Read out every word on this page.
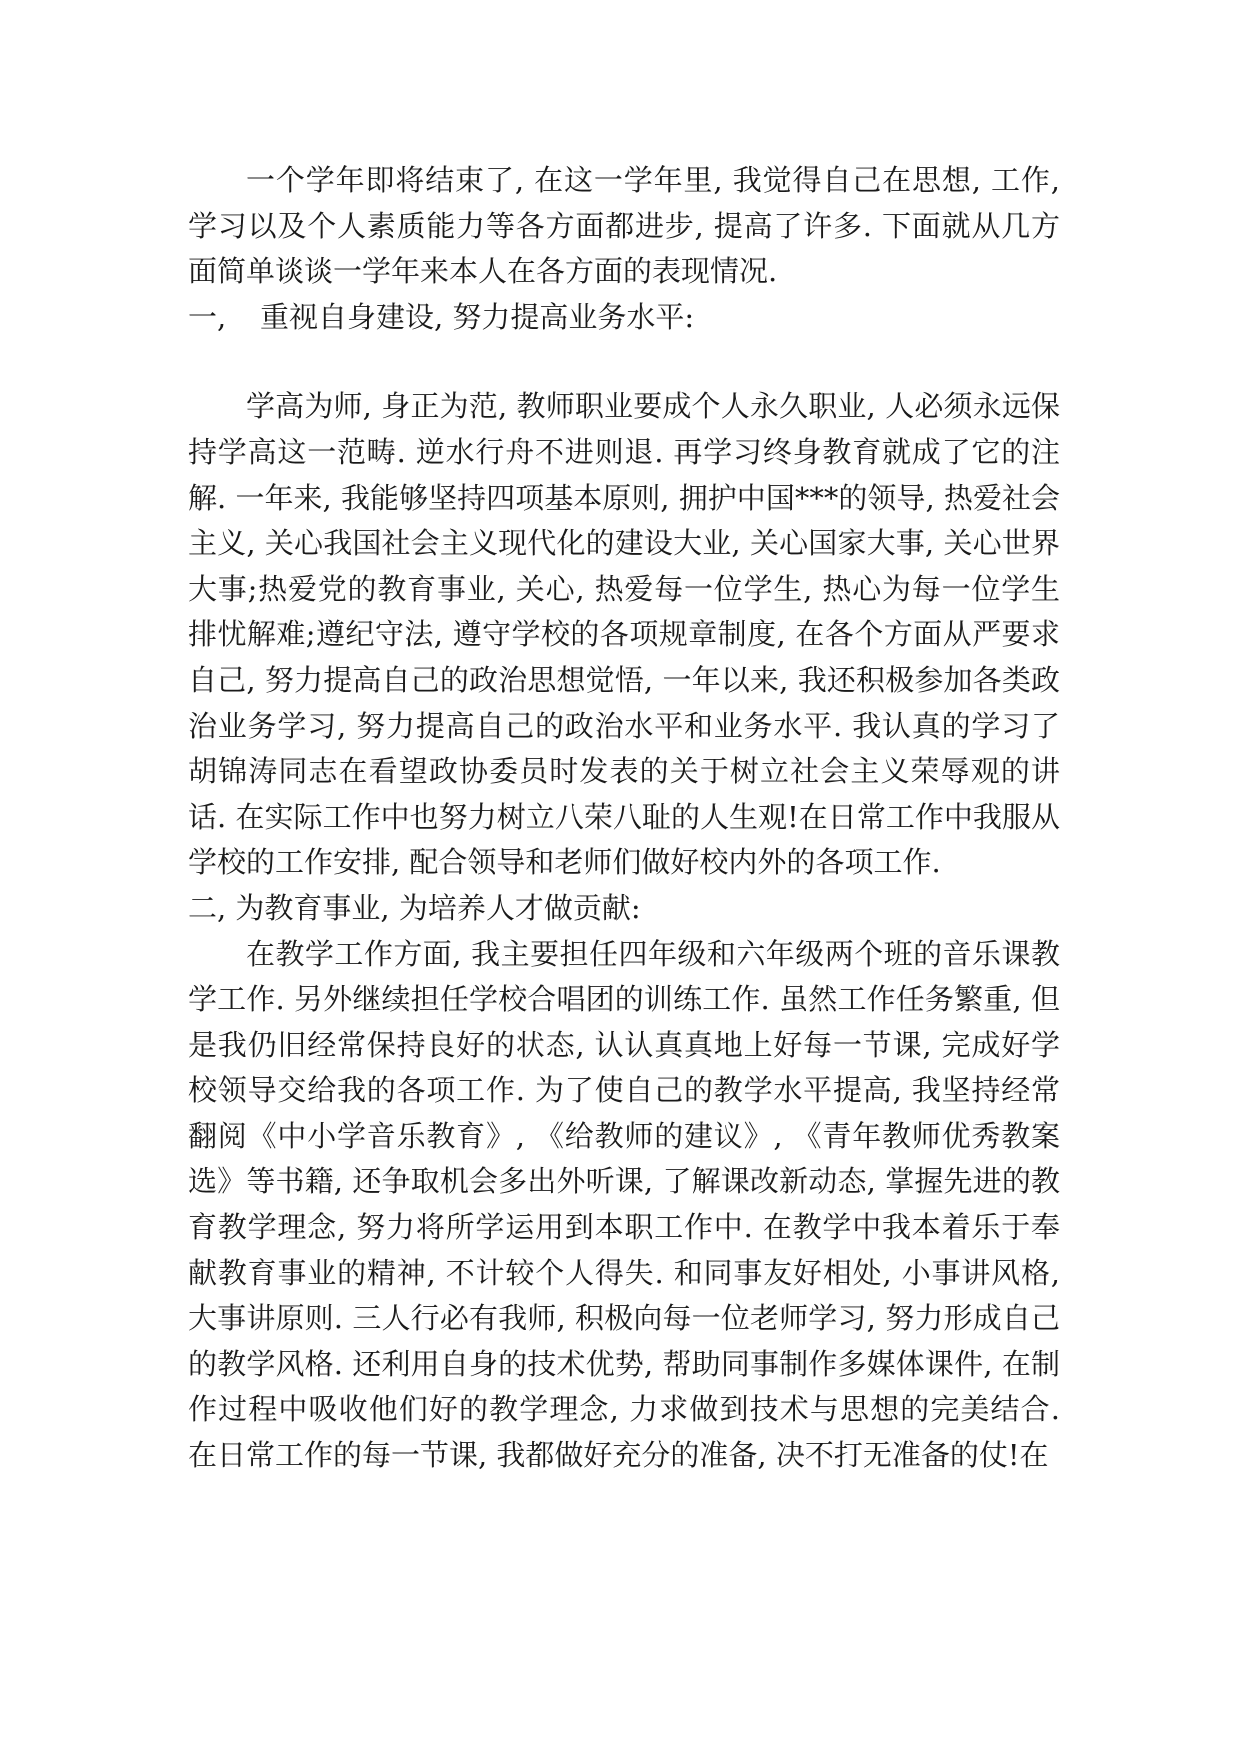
一个学年即将结束了, 在这一学年里, 我觉得自己在思想, 工作, 学习以及个人素质能力等各方面都进步, 提高了许多. 下面就从几方面简单谈谈一学年来本人在各方面的表现情况.

一,	重视自身建设, 努力提高业务水平:

学高为师, 身正为范, 教师职业要成个人永久职业, 人必须永远保持学高这一范畴. 逆水行舟不进则退. 再学习终身教育就成了它的注解. 一年来, 我能够坚持四项基本原则, 拥护中国***的领导, 热爱社会主义, 关心我国社会主义现代化的建设大业, 关心国家大事, 关心世界大事;热爱党的教育事业, 关心, 热爱每一位学生, 热心为每一位学生排忧解难;遵纪守法, 遵守学校的各项规章制度, 在各个方面从严要求自己, 努力提高自己的政治思想觉悟, 一年以来, 我还积极参加各类政治业务学习, 努力提高自己的政治水平和业务水平. 我认真的学习了胡锦涛同志在看望政协委员时发表的关于树立社会主义荣辱观的讲话. 在实际工作中也努力树立八荣八耻的人生观!在日常工作中我服从学校的工作安排, 配合领导和老师们做好校内外的各项工作.

二, 为教育事业, 为培养人才做贡献:

在教学工作方面, 我主要担任四年级和六年级两个班的音乐课教学工作. 另外继续担任学校合唱团的训练工作. 虽然工作任务繁重, 但是我仍旧经常保持良好的状态, 认认真真地上好每一节课, 完成好学校领导交给我的各项工作. 为了使自己的教学水平提高, 我坚持经常翻阅《中小学音乐教育》, 《给教师的建议》, 《青年教师优秀教案选》等书籍, 还争取机会多出外听课, 了解课改新动态, 掌握先进的教育教学理念, 努力将所学运用到本职工作中. 在教学中我本着乐于奉献教育事业的精神, 不计较个人得失. 和同事友好相处, 小事讲风格, 大事讲原则. 三人行必有我师, 积极向每一位老师学习, 努力形成自己的教学风格. 还利用自身的技术优势, 帮助同事制作多媒体课件, 在制作过程中吸收他们好的教学理念, 力求做到技术与思想的完美结合. 在日常工作的每一节课, 我都做好充分的准备, 决不打无准备的仗!在
